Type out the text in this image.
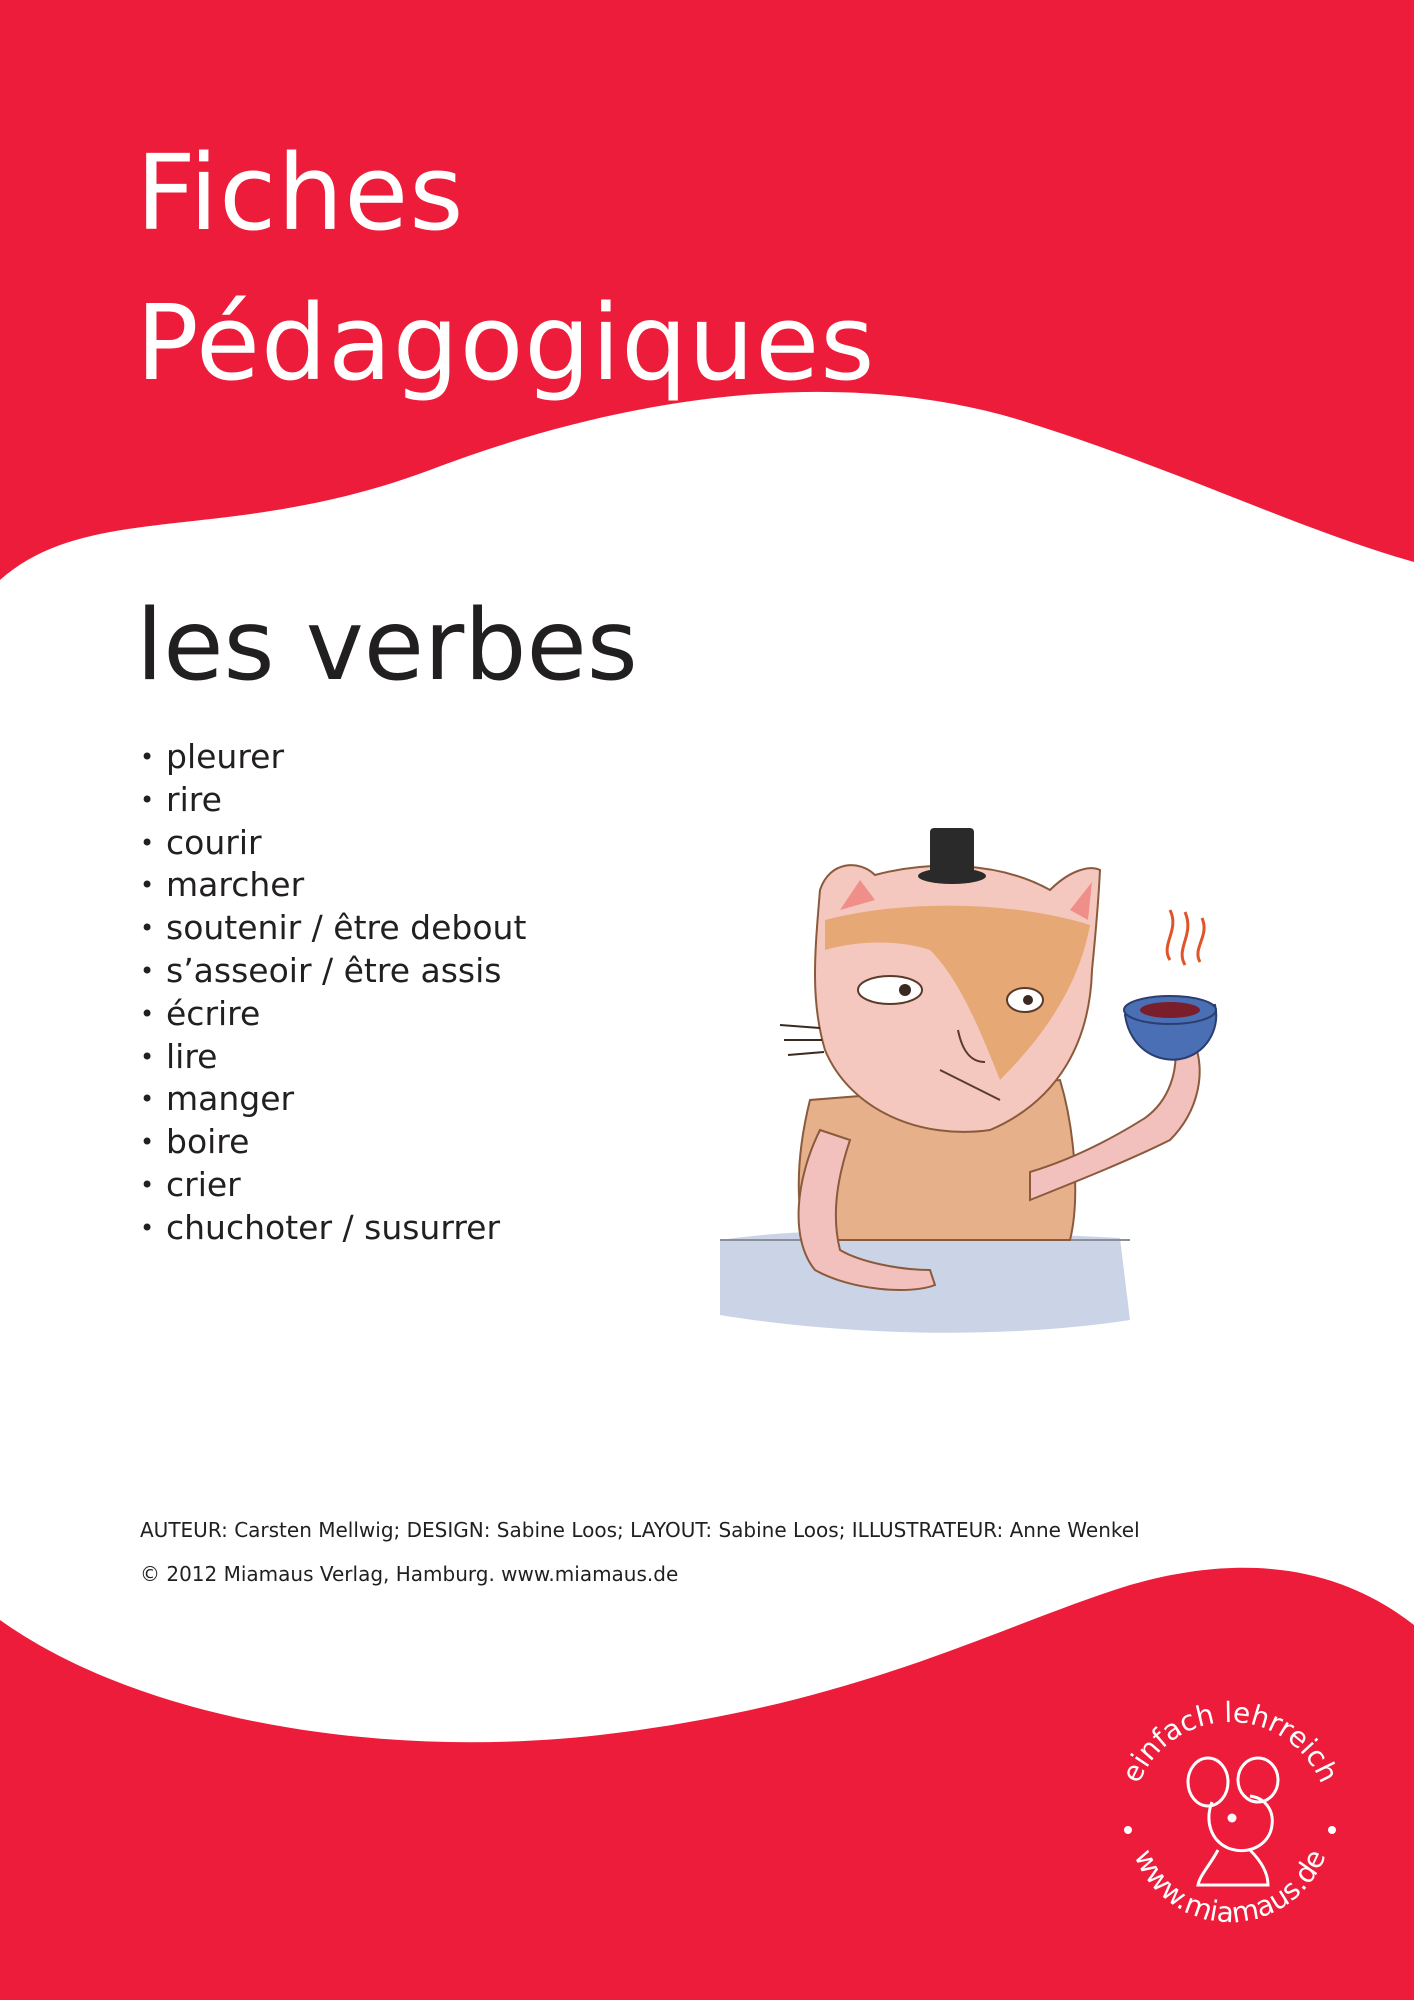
Fiches
Pédagogiques
les verbes
• pleurer
• rire
• courir
• marcher
• soutenir / être debout
• s’asseoir / être assis
• écrire
• lire
• manger
• boire
• crier
• chuchoter / susurrer
AUTEUR: Carsten Mellwig; DESIGN: Sabine Loos; LAYOUT: Sabine Loos; ILLUSTRATEUR: Anne Wenkel
© 2012 Miamaus Verlag, Hamburg. www.miamaus.de
einfach lehrreich
www.miamaus.de
